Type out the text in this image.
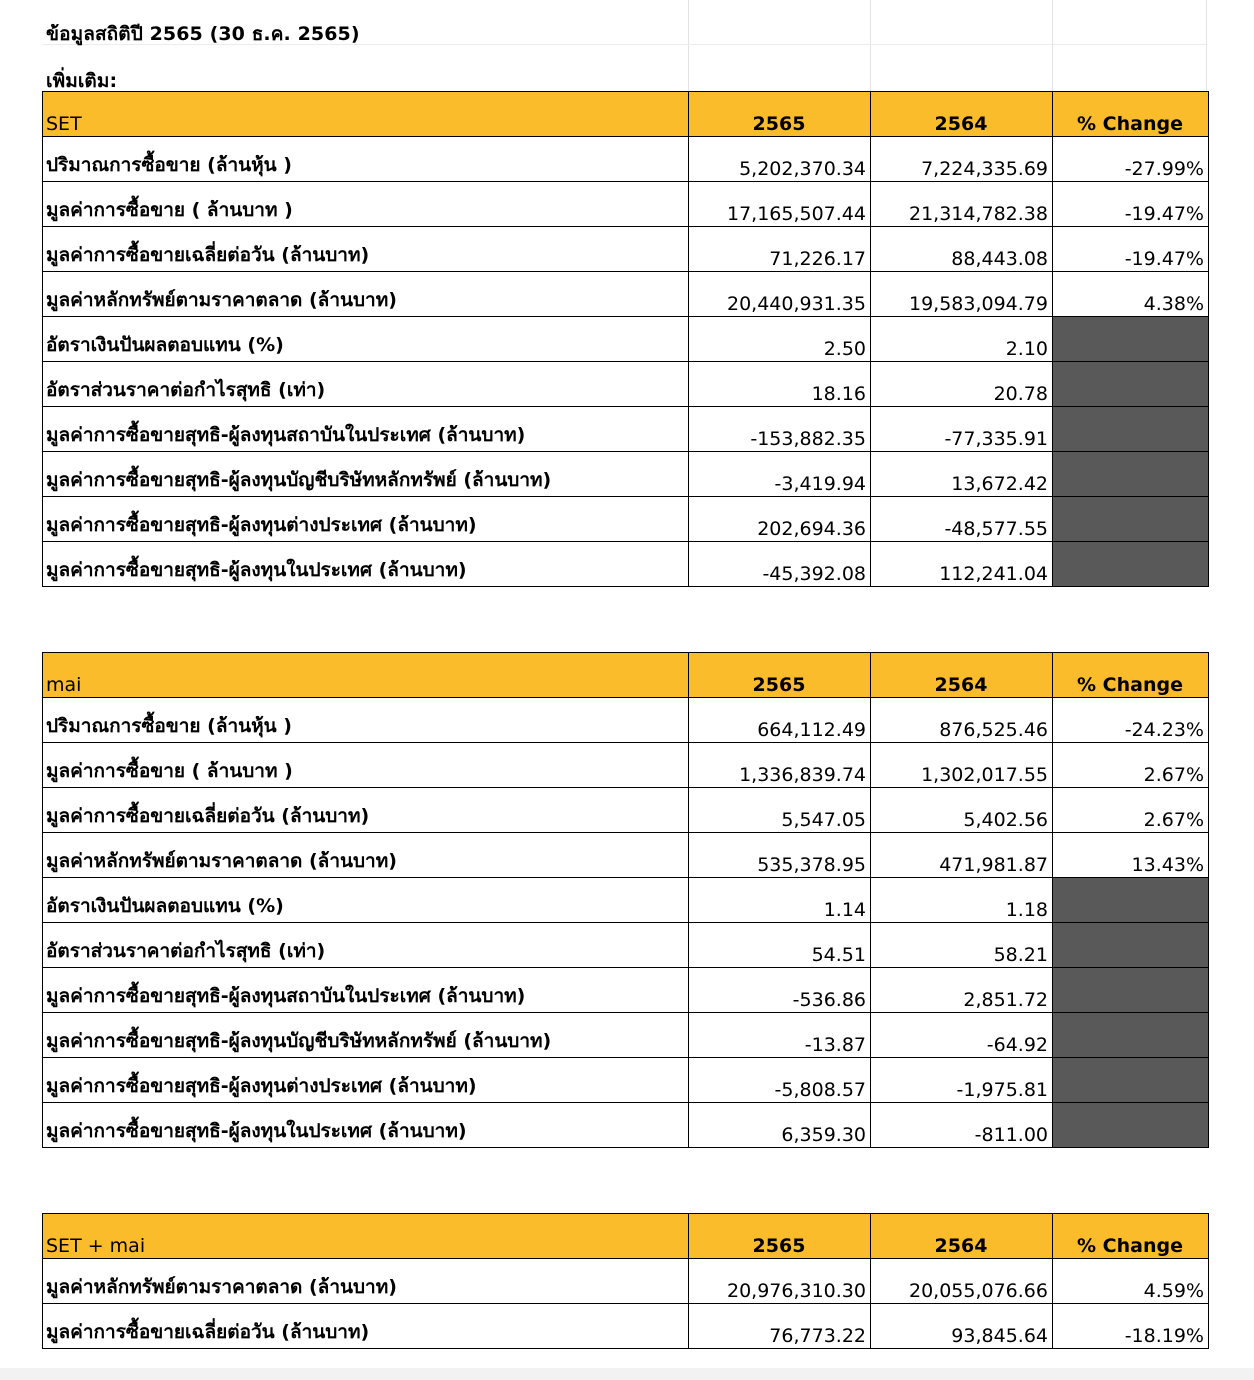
ข้อมูลสถิติปี 2565 (30 ธ.ค. 2565)
เพิ่มเติม:
SET	2565	2564	% Change
ปริมาณการซื้อขาย (ล้านหุ้น )	5,202,370.34	7,224,335.69	-27.99%
มูลค่าการซื้อขาย ( ล้านบาท )	17,165,507.44	21,314,782.38	-19.47%
มูลค่าการซื้อขายเฉลี่ยต่อวัน (ล้านบาท)	71,226.17	88,443.08	-19.47%
มูลค่าหลักทรัพย์ตามราคาตลาด (ล้านบาท)	20,440,931.35	19,583,094.79	4.38%
อัตราเงินปันผลตอบแทน (%)	2.50	2.10	
อัตราส่วนราคาต่อกำไรสุทธิ (เท่า)	18.16	20.78	
มูลค่าการซื้อขายสุทธิ-ผู้ลงทุนสถาบันในประเทศ (ล้านบาท)	-153,882.35	-77,335.91	
มูลค่าการซื้อขายสุทธิ-ผู้ลงทุนบัญชีบริษัทหลักทรัพย์ (ล้านบาท)	-3,419.94	13,672.42	
มูลค่าการซื้อขายสุทธิ-ผู้ลงทุนต่างประเทศ (ล้านบาท)	202,694.36	-48,577.55	
มูลค่าการซื้อขายสุทธิ-ผู้ลงทุนในประเทศ (ล้านบาท)	-45,392.08	112,241.04	
mai	2565	2564	% Change
ปริมาณการซื้อขาย (ล้านหุ้น )	664,112.49	876,525.46	-24.23%
มูลค่าการซื้อขาย ( ล้านบาท )	1,336,839.74	1,302,017.55	2.67%
มูลค่าการซื้อขายเฉลี่ยต่อวัน (ล้านบาท)	5,547.05	5,402.56	2.67%
มูลค่าหลักทรัพย์ตามราคาตลาด (ล้านบาท)	535,378.95	471,981.87	13.43%
อัตราเงินปันผลตอบแทน (%)	1.14	1.18	
อัตราส่วนราคาต่อกำไรสุทธิ (เท่า)	54.51	58.21	
มูลค่าการซื้อขายสุทธิ-ผู้ลงทุนสถาบันในประเทศ (ล้านบาท)	-536.86	2,851.72	
มูลค่าการซื้อขายสุทธิ-ผู้ลงทุนบัญชีบริษัทหลักทรัพย์ (ล้านบาท)	-13.87	-64.92	
มูลค่าการซื้อขายสุทธิ-ผู้ลงทุนต่างประเทศ (ล้านบาท)	-5,808.57	-1,975.81	
มูลค่าการซื้อขายสุทธิ-ผู้ลงทุนในประเทศ (ล้านบาท)	6,359.30	-811.00	
SET + mai	2565	2564	% Change
มูลค่าหลักทรัพย์ตามราคาตลาด (ล้านบาท)	20,976,310.30	20,055,076.66	4.59%
มูลค่าการซื้อขายเฉลี่ยต่อวัน (ล้านบาท)	76,773.22	93,845.64	-18.19%
